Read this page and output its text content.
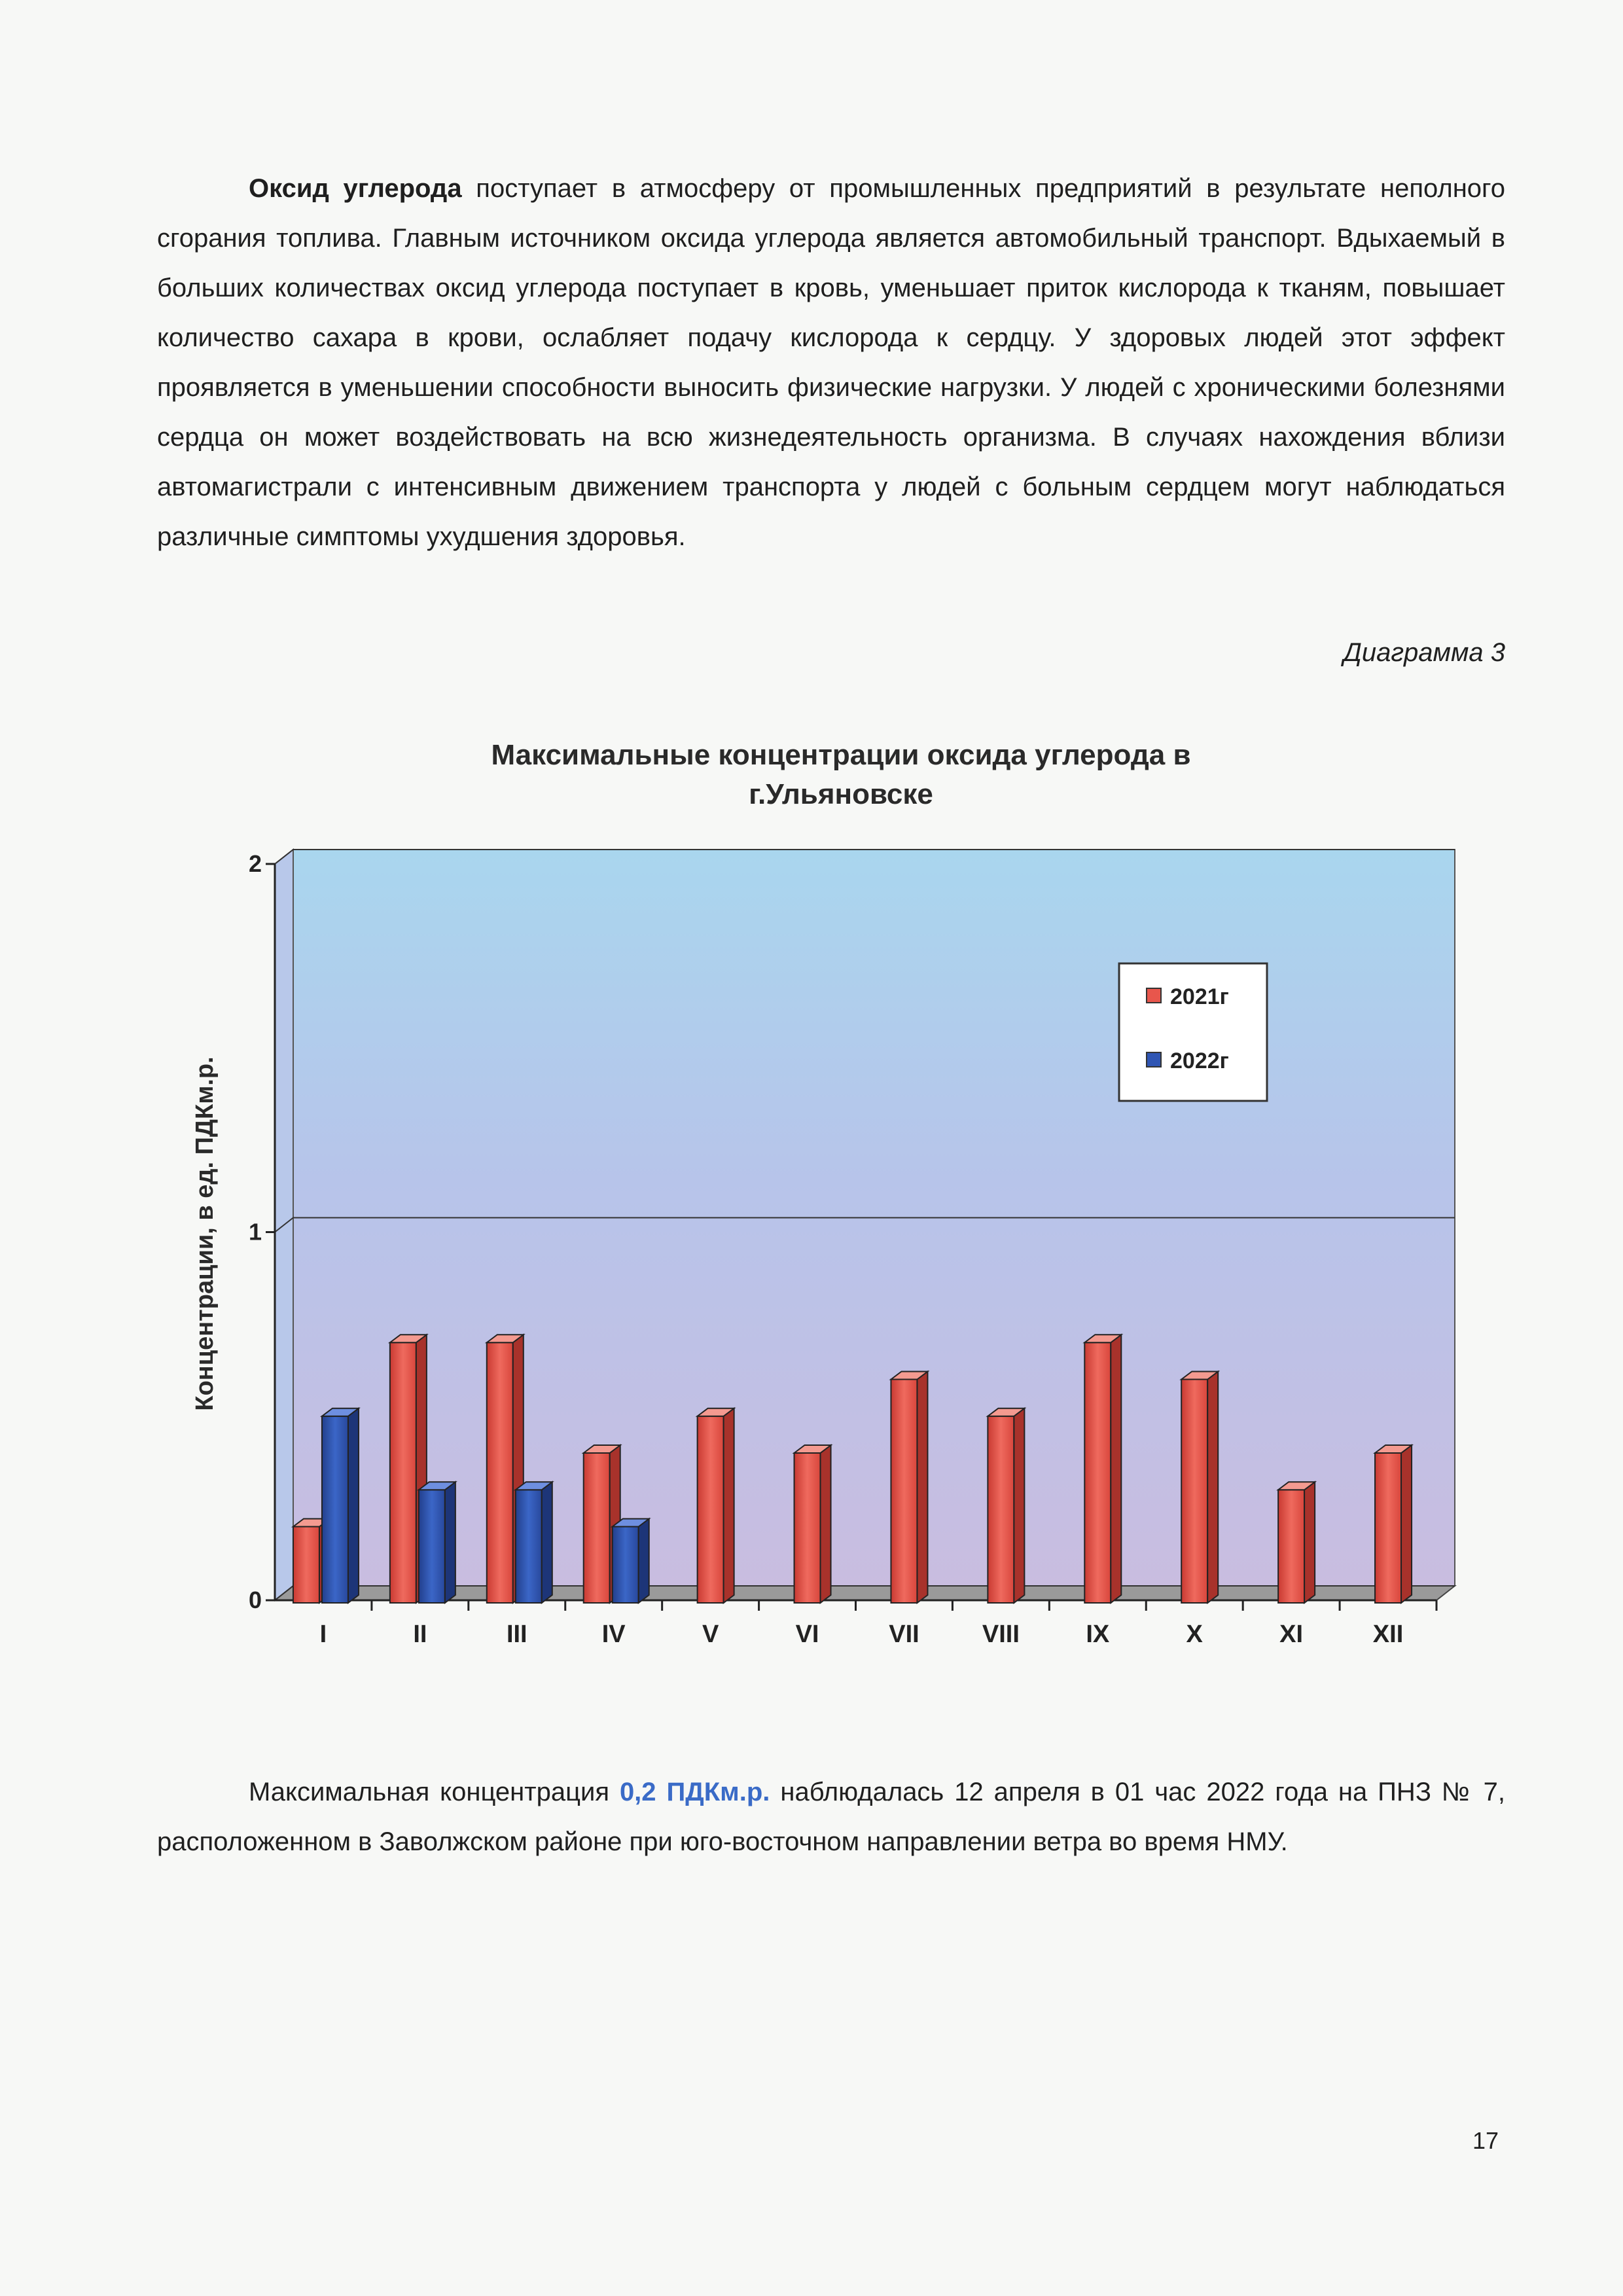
Оксид углерода поступает в атмосферу от промышленных предприятий в результате неполного сгорания топлива. Главным источником оксида углерода является автомобильный транспорт. Вдыхаемый в больших количествах оксид углерода поступает в кровь, уменьшает приток кислорода к тканям, повышает количество сахара в крови, ослабляет подачу кислорода к сердцу. У здоровых людей этот эффект проявляется в уменьшении способности выносить физические нагрузки. У людей с хроническими болезнями сердца он может воздействовать на всю жизнедеятельность организма. В случаях нахождения вблизи автомагистрали с интенсивным движением транспорта у людей с больным сердцем могут наблюдаться различные симптомы ухудшения здоровья.
Диаграмма 3
Максимальные концентрации оксида углерода в
г.Ульяновске
Концентрации, в ед. ПДКм.р.
0
1
2
I	II	III	IV	V	VI	VII	VIII	IX	X	XI	XII
2021г
2022г
Максимальная концентрация 0,2 ПДКм.р. наблюдалась 12 апреля в 01 час 2022 года на ПНЗ № 7, расположенном в Заволжском районе при юго-восточном направлении ветра во время НМУ.
17
